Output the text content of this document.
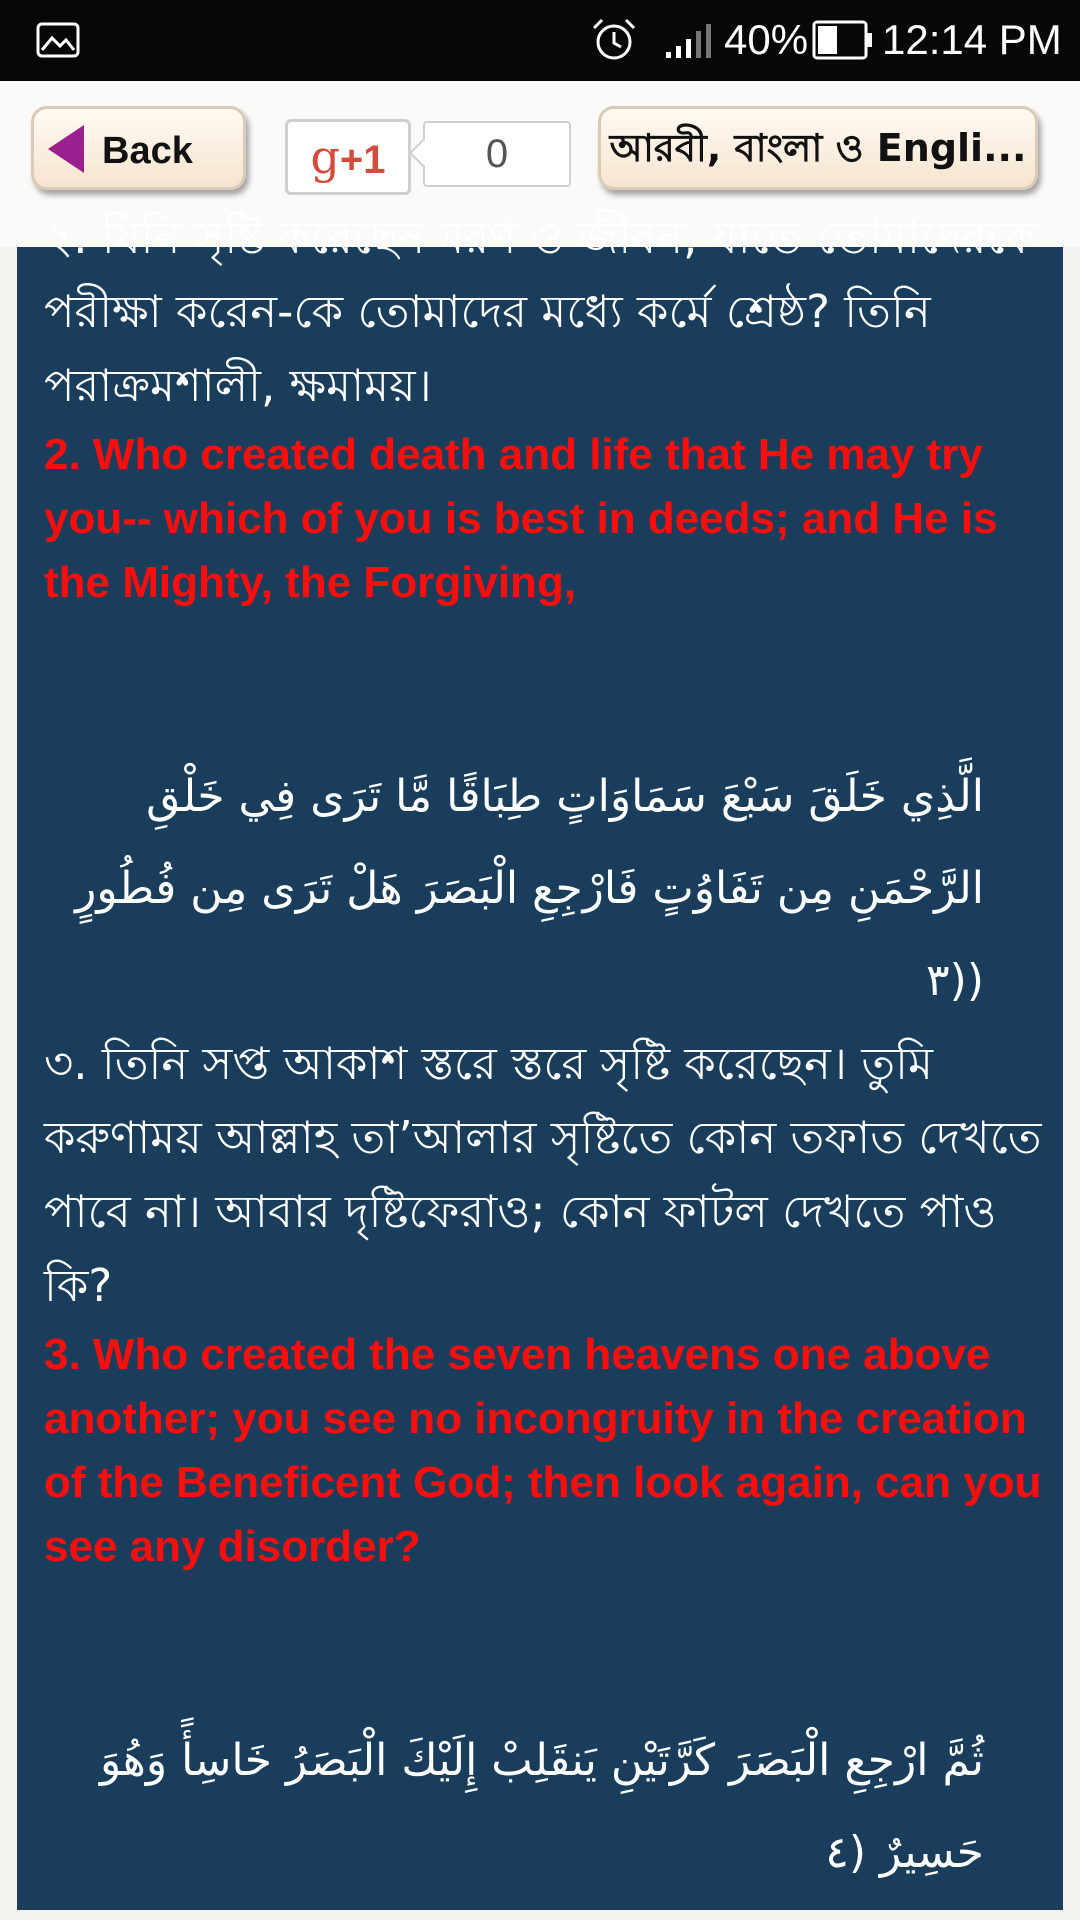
40% 12:14 PM
Back	g+1	0	আরবী, বাংলা ও Engli...

২. যিনি সৃষ্টি করেছেন মরণ ও জীবন, যাতে তোমাদেরকে পরীক্ষা করেন-কে তোমাদের মধ্যে কর্মে শ্রেষ্ঠ? তিনি পরাক্রমশালী, ক্ষমাময়।

2. Who created death and life that He may try you-- which of you is best in deeds; and He is the Mighty, the Forgiving,

الَّذِي خَلَقَ سَبْعَ سَمَاوَاتٍ طِبَاقًا مَّا تَرَى فِي خَلْقِ الرَّحْمَنِ مِن تَفَاوُتٍ فَارْجِعِ الْبَصَرَ هَلْ تَرَى مِن فُطُورٍ ((٣

৩. তিনি সপ্ত আকাশ স্তরে স্তরে সৃষ্টি করেছেন। তুমি করুণাময় আল্লাহ তা’আলার সৃষ্টিতে কোন তফাত দেখতে পাবে না। আবার দৃষ্টিফেরাও; কোন ফাটল দেখতে পাও কি?

3. Who created the seven heavens one above another; you see no incongruity in the creation of the Beneficent God; then look again, can you see any disorder?

ثُمَّ ارْجِعِ الْبَصَرَ كَرَّتَيْنِ يَنقَلِبْ إِلَيْكَ الْبَصَرُ خَاسِأً وَهُوَ حَسِيرٌ (٤
